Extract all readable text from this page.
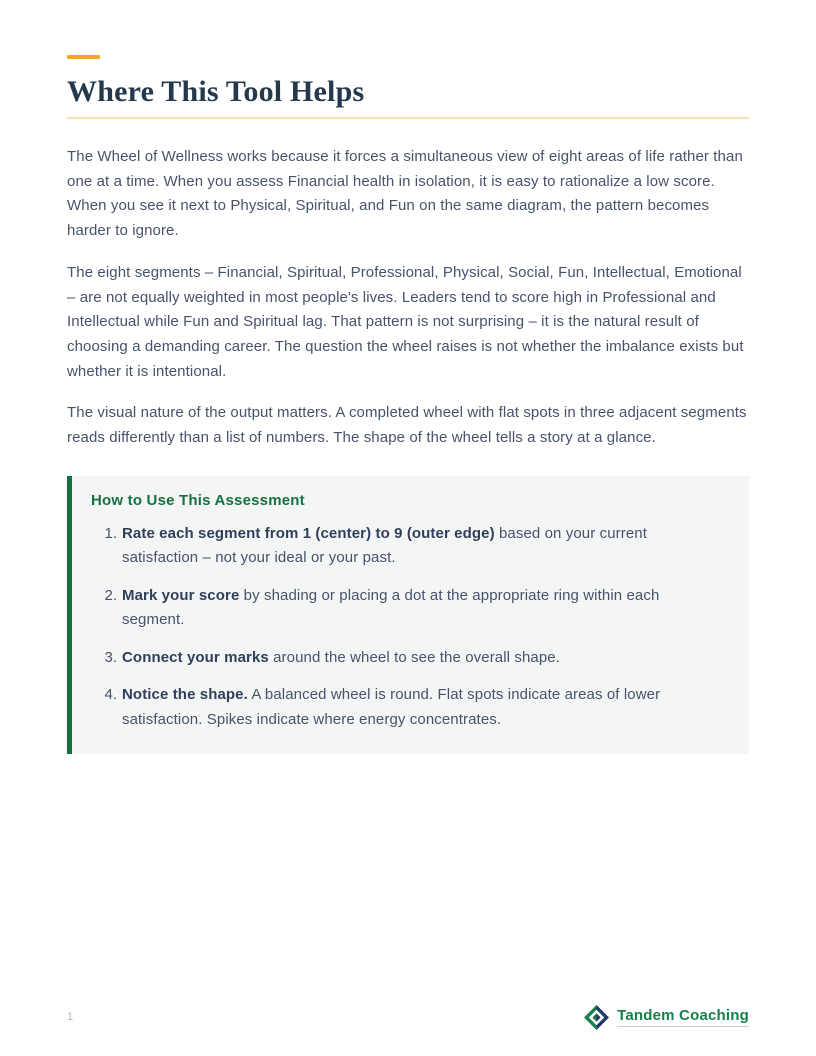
Where This Tool Helps

The Wheel of Wellness works because it forces a simultaneous view of eight areas of life rather than one at a time. When you assess Financial health in isolation, it is easy to rationalize a low score. When you see it next to Physical, Spiritual, and Fun on the same diagram, the pattern becomes harder to ignore.

The eight segments – Financial, Spiritual, Professional, Physical, Social, Fun, Intellectual, Emotional – are not equally weighted in most people's lives. Leaders tend to score high in Professional and Intellectual while Fun and Spiritual lag. That pattern is not surprising – it is the natural result of choosing a demanding career. The question the wheel raises is not whether the imbalance exists but whether it is intentional.

The visual nature of the output matters. A completed wheel with flat spots in three adjacent segments reads differently than a list of numbers. The shape of the wheel tells a story at a glance.

How to Use This Assessment
1. Rate each segment from 1 (center) to 9 (outer edge) based on your current satisfaction – not your ideal or your past.
2. Mark your score by shading or placing a dot at the appropriate ring within each segment.
3. Connect your marks around the wheel to see the overall shape.
4. Notice the shape. A balanced wheel is round. Flat spots indicate areas of lower satisfaction. Spikes indicate where energy concentrates.
1	Tandem Coaching
